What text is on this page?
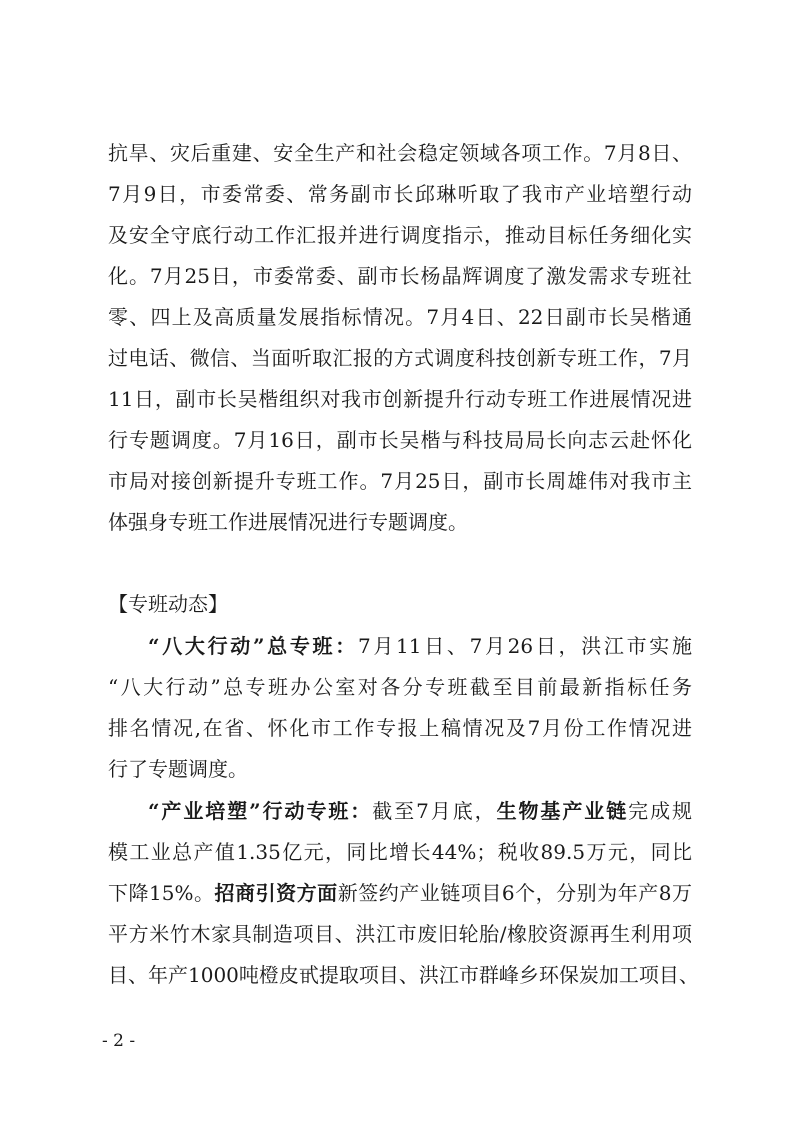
抗旱、灾后重建、安全生产和社会稳定领域各项工作。7月8日、
7月9日，市委常委、常务副市长邱琳听取了我市产业培塑行动
及安全守底行动工作汇报并进行调度指示，推动目标任务细化实
化。7月25日，市委常委、副市长杨晶辉调度了激发需求专班社
零、四上及高质量发展指标情况。7月4日、22日副市长吴楷通
过电话、微信、当面听取汇报的方式调度科技创新专班工作，7月
11日，副市长吴楷组织对我市创新提升行动专班工作进展情况进
行专题调度。7月16日，副市长吴楷与科技局局长向志云赴怀化
市局对接创新提升专班工作。7月25日，副市长周雄伟对我市主
体强身专班工作进展情况进行专题调度。
【专班动态】
“八大行动”总专班：7月11日、7月26日，洪江市实施
“八大行动”总专班办公室对各分专班截至目前最新指标任务
排名情况,在省、怀化市工作专报上稿情况及7月份工作情况进
行了专题调度。
“产业培塑”行动专班：截至7月底，生物基产业链完成规
模工业总产值1.35亿元，同比增长44%；税收89.5万元，同比
下降15%。招商引资方面新签约产业链项目6个，分别为年产8万
平方米竹木家具制造项目、洪江市废旧轮胎/橡胶资源再生利用项
目、年产1000吨橙皮甙提取项目、洪江市群峰乡环保炭加工项目、
- 2 -
